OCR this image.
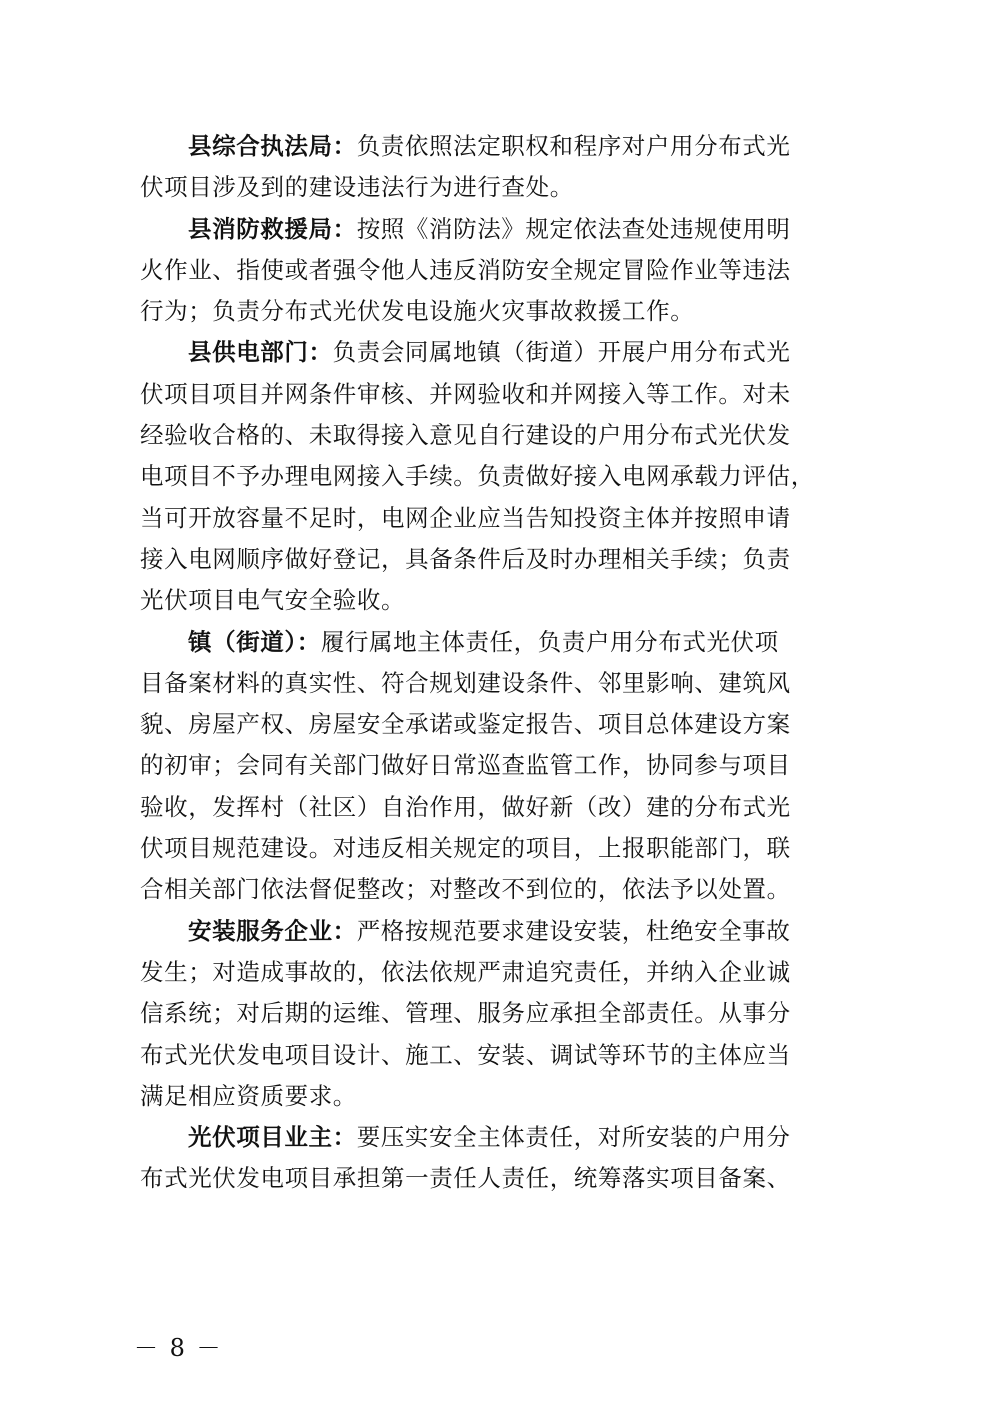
县综合执法局：负责依照法定职权和程序对户用分布式光
伏项目涉及到的建设违法行为进行查处。
县消防救援局：按照《消防法》规定依法查处违规使用明
火作业、指使或者强令他人违反消防安全规定冒险作业等违法
行为；负责分布式光伏发电设施火灾事故救援工作。
县供电部门：负责会同属地镇（街道）开展户用分布式光
伏项目项目并网条件审核、并网验收和并网接入等工作。对未
经验收合格的、未取得接入意见自行建设的户用分布式光伏发
电项目不予办理电网接入手续。负责做好接入电网承载力评估，
当可开放容量不足时，电网企业应当告知投资主体并按照申请
接入电网顺序做好登记，具备条件后及时办理相关手续；负责
光伏项目电气安全验收。
镇（街道）：履行属地主体责任，负责户用分布式光伏项
目备案材料的真实性、符合规划建设条件、邻里影响、建筑风
貌、房屋产权、房屋安全承诺或鉴定报告、项目总体建设方案
的初审；会同有关部门做好日常巡查监管工作，协同参与项目
验收，发挥村（社区）自治作用，做好新（改）建的分布式光
伏项目规范建设。对违反相关规定的项目，上报职能部门，联
合相关部门依法督促整改；对整改不到位的，依法予以处置。
安装服务企业：严格按规范要求建设安装，杜绝安全事故
发生；对造成事故的，依法依规严肃追究责任，并纳入企业诚
信系统；对后期的运维、管理、服务应承担全部责任。从事分
布式光伏发电项目设计、施工、安装、调试等环节的主体应当
满足相应资质要求。
光伏项目业主：要压实安全主体责任，对所安装的户用分
布式光伏发电项目承担第一责任人责任，统筹落实项目备案、
－ 8 －
